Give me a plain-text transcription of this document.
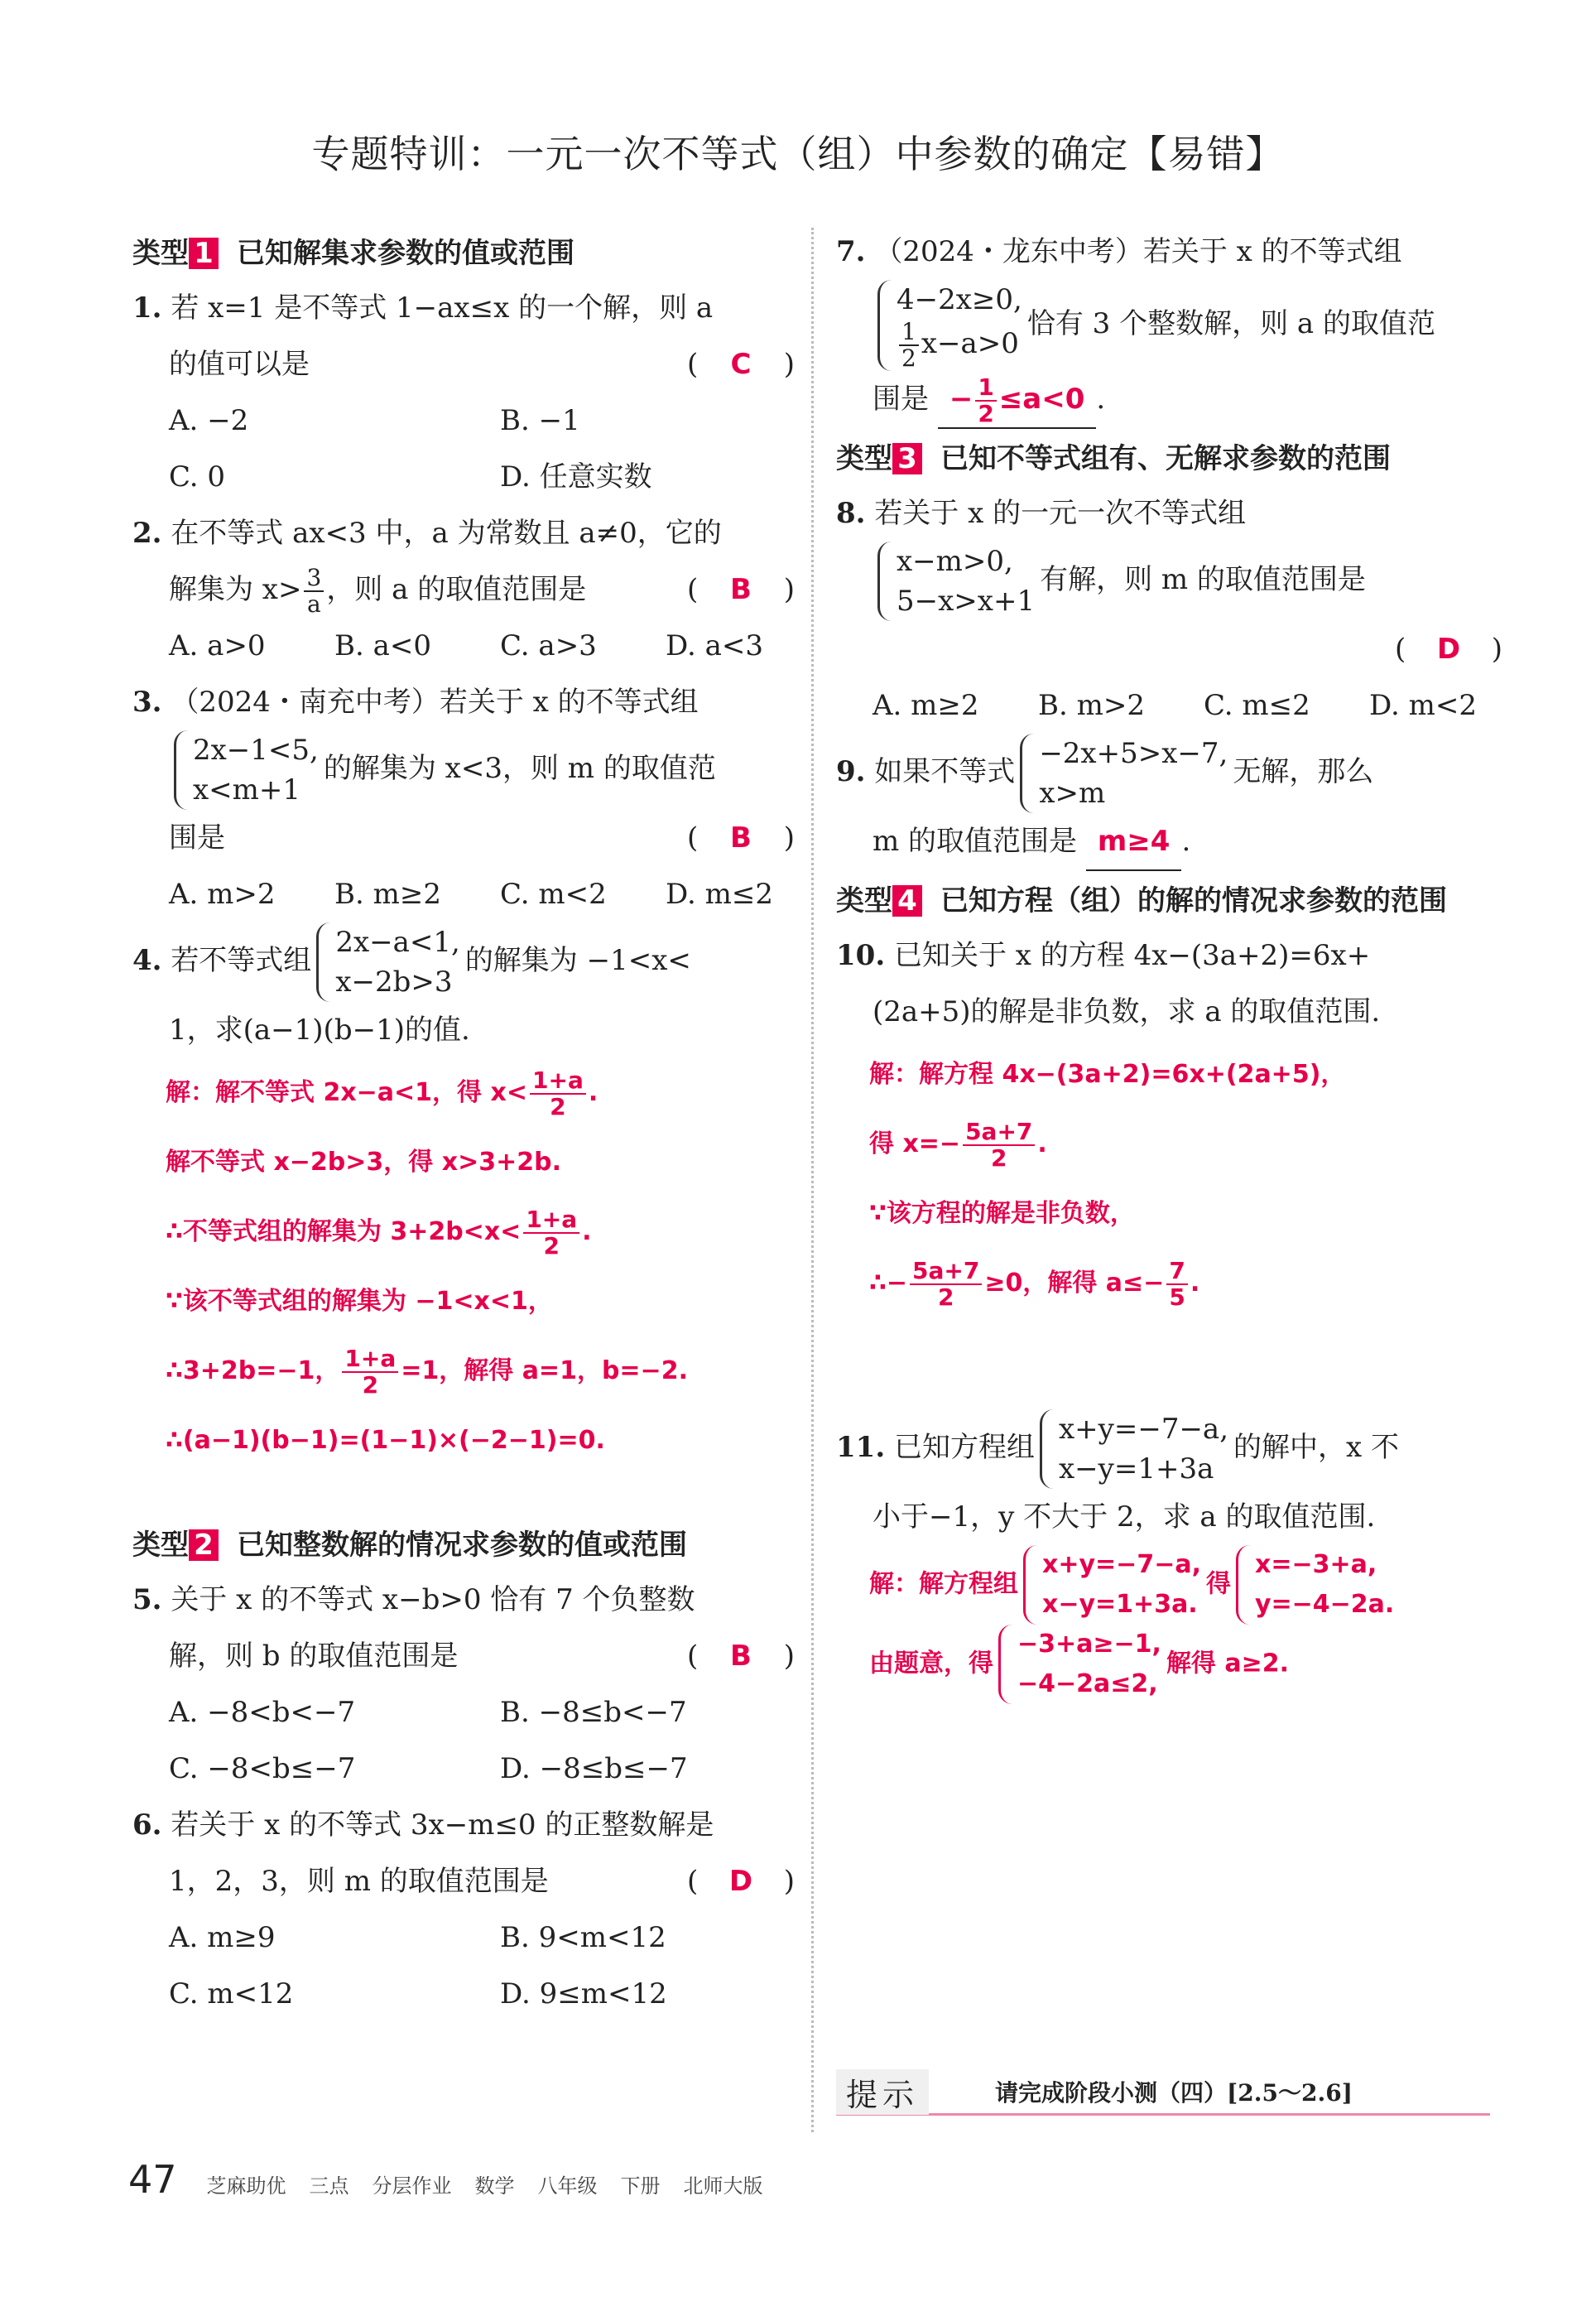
专题特训：一元一次不等式（组）中参数的确定【易错】
类型 1 已知解集求参数的值或范围
1. 若 x=1 是不等式 1−ax≤x 的一个解，则 a
的值可以是	( C )
A. −2	B. −1
C. 0	D. 任意实数
2. 在不等式 ax<3 中，a 为常数且 a≠0，它的
解集为 $x> \frac{3}{a}$ ，则 a 的取值范围是	( B )
A. a>0	B. a<0	C. a>3	D. a<3
3. （2024・南充中考）若关于 x 的不等式组
2x−1<5,
x<m+1
的解集为 x<3，则 m 的取值范
围是	( B )
A. m>2	B. m≥2	C. m<2	D. m≤2
4. 若不等式组
2x−a<1,
x−2b>3
的解集为 −1<x<
1，求(a−1)(b−1)的值.
解：解不等式 2x−a<1，得 $x< \frac{1+a}{2}$ .
解不等式 x−2b>3，得 x>3+2b.
∴不等式组的解集为 $3+2b<x< \frac{1+a}{2}$ .
∵该不等式组的解集为 −1<x<1，
∴3+2b=−1， $\frac{1+a}{2} =1$，解得 a=1，b=−2.
∴(a−1)(b−1)=(1−1)×(−2−1)=0.
类型 2 已知整数解的情况求参数的值或范围
5. 关于 x 的不等式 x−b>0 恰有 7 个负整数
解，则 b 的取值范围是	( B )
A. −8<b<−7	B. −8≤b<−7
C. −8<b≤−7	D. −8≤b≤−7
6. 若关于 x 的不等式 3x−m≤0 的正整数解是
1，2，3，则 m 的取值范围是	( D )
A. m≥9	B. 9<m<12
C. m<12	D. 9≤m<12
7. （2024・龙东中考）若关于 x 的不等式组
4−2x≥0,
$\frac{1}{2} x-a>0$
恰有 3 个整数解，则 a 的取值范
围是 − $\frac{1}{2} \le a<0$ .
类型 3 已知不等式组有、无解求参数的范围
8. 若关于 x 的一元一次不等式组
x−m>0,
5−x>x+1
有解，则 m 的取值范围是
( D )

A. m≥2	B. m>2	C. m≤2	D. m<2
9. 如果不等式
−2x+5>x−7,
x>m
无解，那么
m 的取值范围是 m≥4 .
类型 4 已知方程（组）的解的情况求参数的范围
10. 已知关于 x 的方程 4x−(3a+2)=6x+
(2a+5)的解是非负数，求 a 的取值范围.
解：解方程 4x−(3a+2)=6x+(2a+5)，
得 $x=- \frac{5a+7}{2}$ .
∵该方程的解是非负数，
∴− $\frac{5a+7}{2} \ge 0$，解得 $a\le- \frac{7}{5}$ .
11. 已知方程组
x+y=−7−a,
x−y=1+3a
的解中，x 不
小于−1，y 不大于 2，求 a 的取值范围.
解：解方程组
x+y=−7−a,
x−y=1+3a.
得
x=−3+a,
y=−4−2a.
由题意，得
−3+a≥−1,
−4−2a≤2,
解得 a≥2.
提示	请完成阶段小测（四）[2.5～2.6]
47 芝麻助优 三点 分层作业 数学 八年级 下册 北师大版
